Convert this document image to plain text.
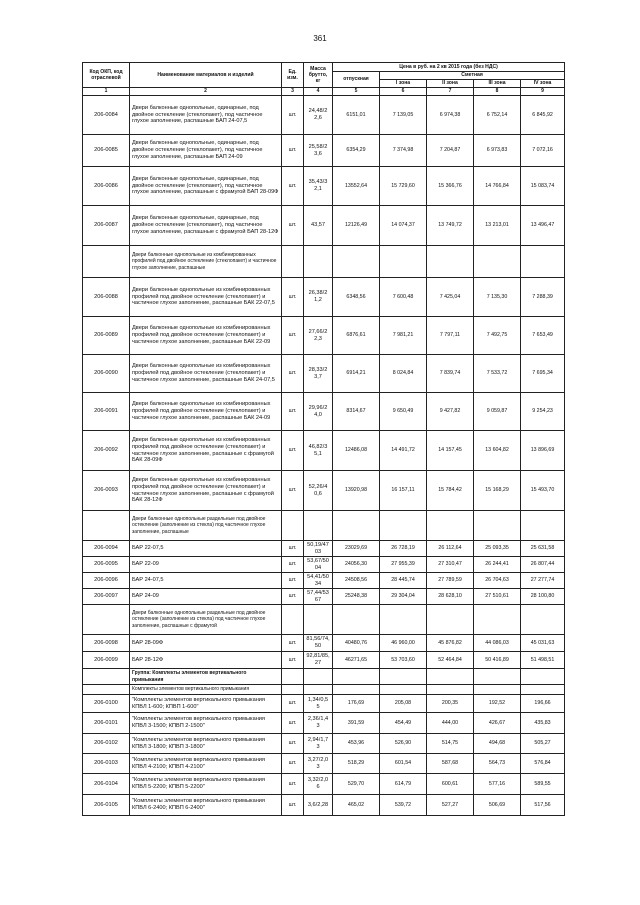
361
Код ОКП, код отраслевой	Наименование материалов и изделий	Ед. изм.	Масса брутто, кг	Цена в руб. на 2 кв 2015 года (без НДС)				
				отпускная	Сметная			
					I зона	II зона	III зона	IV зона
1	2	3	4	5	6	7	8	9
206-0084	Двери балконные однопольные, одинарные, под двойное остекление (стеклопакет), под частичное глухое заполнение, распашные БАП 24-07,5	шт.	24,48/2 2,6	6151,01	7 139,05	6 974,38	6 752,14	6 845,92
206-0085	Двери балконные однопольные, одинарные, под двойное остекление (стеклопакет), под частичное глухое заполнение, распашные БАП 24-09	шт.	25,58/2 3,6	6354,29	7 374,98	7 204,87	6 973,83	7 072,16
206-0086	Двери балконные однопольные, одинарные, под двойное остекление (стеклопакет), под частичное глухое заполнение, распашные с фрамугой БАП 28-09Ф	шт.	35,43/3 2,1	13552,64	15 729,60	15 366,76	14 766,84	15 083,74
206-0087	Двери балконные однопольные, одинарные, под двойное остекление (стеклопакет), под частичное глухое заполнение, распашные с фрамугой БАП 28-12Ф	шт.	43,57	12126,49	14 074,37	13 749,72	13 213,01	13 496,47
	Двери балконные однопольные из комбинированных профилей под двойное остекление (стеклопакет) и частичное глухое заполнение, распашные							
206-0088	Двери балконные однопольные из комбинированных профилей под двойное остекление (стеклопакет) и частичное глухое заполнение, распашные БАК 22-07,5	шт.	26,38/2 1,2	6348,56	7 600,48	7 425,04	7 135,30	7 288,39
206-0089	Двери балконные однопольные из комбинированных профилей под двойное остекление (стеклопакет) и частичное глухое заполнение, распашные БАК 22-09	шт.	27,66/2 2,3	6876,61	7 981,21	7 797,11	7 492,75	7 653,49
206-0090	Двери балконные однопольные из комбинированных профилей под двойное остекление (стеклопакет) и частичное глухое заполнение, распашные БАК 24-07,5	шт.	28,33/2 3,7	6914,21	8 024,84	7 839,74	7 533,72	7 695,34
206-0091	Двери балконные однопольные из комбинированных профилей под двойное остекление (стеклопакет) и частичное глухое заполнение, распашные БАК 24-09	шт.	29,96/2 4,0	8314,67	9 650,49	9 427,82	9 059,87	9 254,23
206-0092	Двери балконные однопольные из комбинированных профилей под двойное остекление (стеклопакет) и частичное глухое заполнение, распашные с фрамугой БАК 28-09Ф	шт.	46,82/3 5,1	12486,08	14 491,72	14 157,45	13 604,82	13 896,69
206-0093	Двери балконные однопольные из комбинированных профилей под двойное остекление (стеклопакет) и частичное глухое заполнение, распашные с фрамугой БАК 28-12Ф	шт.	52,26/4 0,6	13920,98	16 157,11	15 784,42	15 168,29	15 493,70
	Двери балконные однопольные раздельные под двойное остекление (заполнение из стекла) под частичное глухое заполнение, распашные							
206-0094	БАР 22-07,5	шт.	50,19/47 03	23029,69	26 728,19	26 112,64	25 093,35	25 631,58
206-0095	БАР 22-09	шт.	53,67/50 04	24056,30	27 955,39	27 310,47	26 244,41	26 807,44
206-0096	БАР 24-07,5	шт.	54,41/50 34	24508,56	28 445,74	27 789,59	26 704,63	27 277,74
206-0097	БАР 24-09	шт.	57,44/53 67	25248,38	29 304,04	28 628,10	27 510,61	28 100,80
	Двери балконные однопольные раздельные под двойное остекление (заполнение из стекла) под частичное глухое заполнение, распашные с фрамугой							
206-0098	БАР 28-09Ф	шт.	81,56/74, 50	40480,76	46 960,00	45 876,82	44 086,03	45 031,63
206-0099	БАР 28-12Ф	шт.	92,81/85, 27	46271,65	53 703,60	52 464,84	50 416,89	51 498,51
	Группа: Комплекты элементов вертикального примыкания							
	Комплекты элементов вертикального примыкания							
206-0100	"Комплекты элементов вертикального примыкания КПВЛ 1-600; КПВП 1-600"	шт.	1,34/0,5 5	176,69	205,08	200,35	192,52	196,66
206-0101	"Комплекты элементов вертикального примыкания КПВЛ 3-1500; КПВП 2-1500"	шт.	2,36/1,4 3	391,59	454,49	444,00	426,67	435,83
206-0102	"Комплекты элементов вертикального примыкания КПВЛ 3-1800; КПВП 3-1800"	шт.	2,94/1,7 3	453,96	526,90	514,75	494,68	505,27
206-0103	"Комплекты элементов вертикального примыкания КПВЛ 4-2100; КПВП 4-2100"	шт.	3,27/2,0 3	518,29	601,54	587,68	564,73	576,84
206-0104	"Комплекты элементов вертикального примыкания КПВЛ 5-2200; КПВП 5-2200"	шт.	3,32/2,0 6	529,70	614,79	600,61	577,16	589,55
206-0105	"Комплекты элементов вертикального примыкания КПВЛ 6-2400; КПВП 6-2400"	шт.	3,6/2,28	465,02	539,72	527,27	506,69	517,56
